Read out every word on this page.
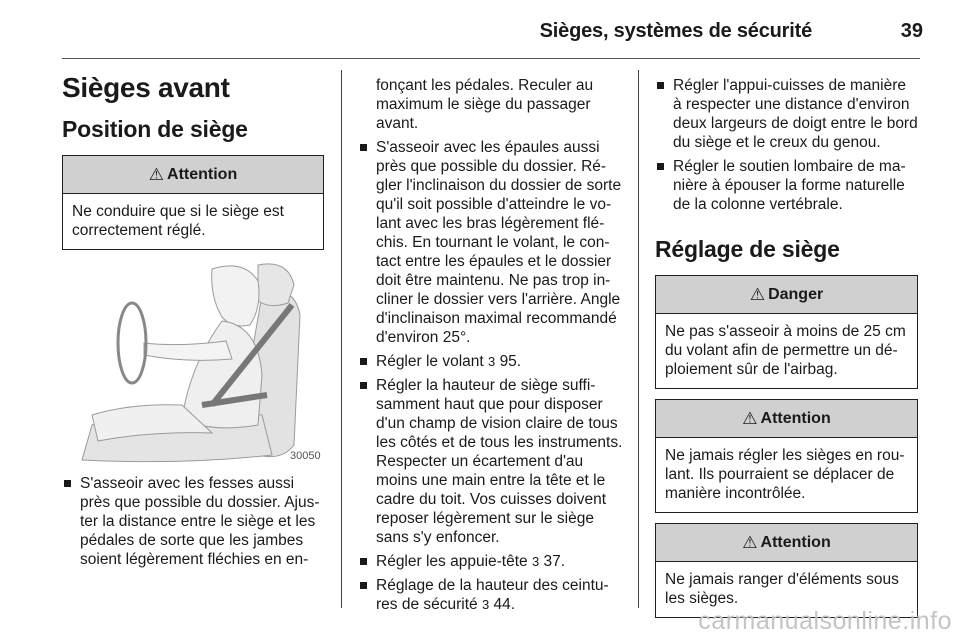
Sièges, systèmes de sécurité	39
Sièges avant
Position de siège
⚠ Attention
Ne conduire que si le siège est correctement réglé.
30050
S'asseoir avec les fesses aussi près que possible du dossier. Ajus-ter la distance entre le siège et les pédales de sorte que les jambes soient légèrement fléchies en en-
fonçant les pédales. Reculer au maximum le siège du passager avant.
S'asseoir avec les épaules aussi près que possible du dossier. Ré-gler l'inclinaison du dossier de sorte qu'il soit possible d'atteindre le vo-lant avec les bras légèrement flé-chis. En tournant le volant, le con-tact entre les épaules et le dossier doit être maintenu. Ne pas trop in-cliner le dossier vers l'arrière. Angle d'inclinaison maximal recommandé d'environ 25°.
Régler le volant 3 95.
Régler la hauteur de siège suffi-samment haut que pour disposer d'un champ de vision claire de tous les côtés et de tous les instruments. Respecter un écartement d'au moins une main entre la tête et le cadre du toit. Vos cuisses doivent reposer légèrement sur le siège sans s'y enfoncer.
Régler les appuie-tête 3 37.
Réglage de la hauteur des ceintu-res de sécurité 3 44.
Régler l'appui-cuisses de manière à respecter une distance d'environ deux largeurs de doigt entre le bord du siège et le creux du genou.
Régler le soutien lombaire de ma-nière à épouser la forme naturelle de la colonne vertébrale.
Réglage de siège
⚠ Danger
Ne pas s'asseoir à moins de 25 cm du volant afin de permettre un dé-ploiement sûr de l'airbag.
⚠ Attention
Ne jamais régler les sièges en rou-lant. Ils pourraient se déplacer de manière incontrôlée.
⚠ Attention
Ne jamais ranger d'éléments sous les sièges.
carmanualsonline.info
